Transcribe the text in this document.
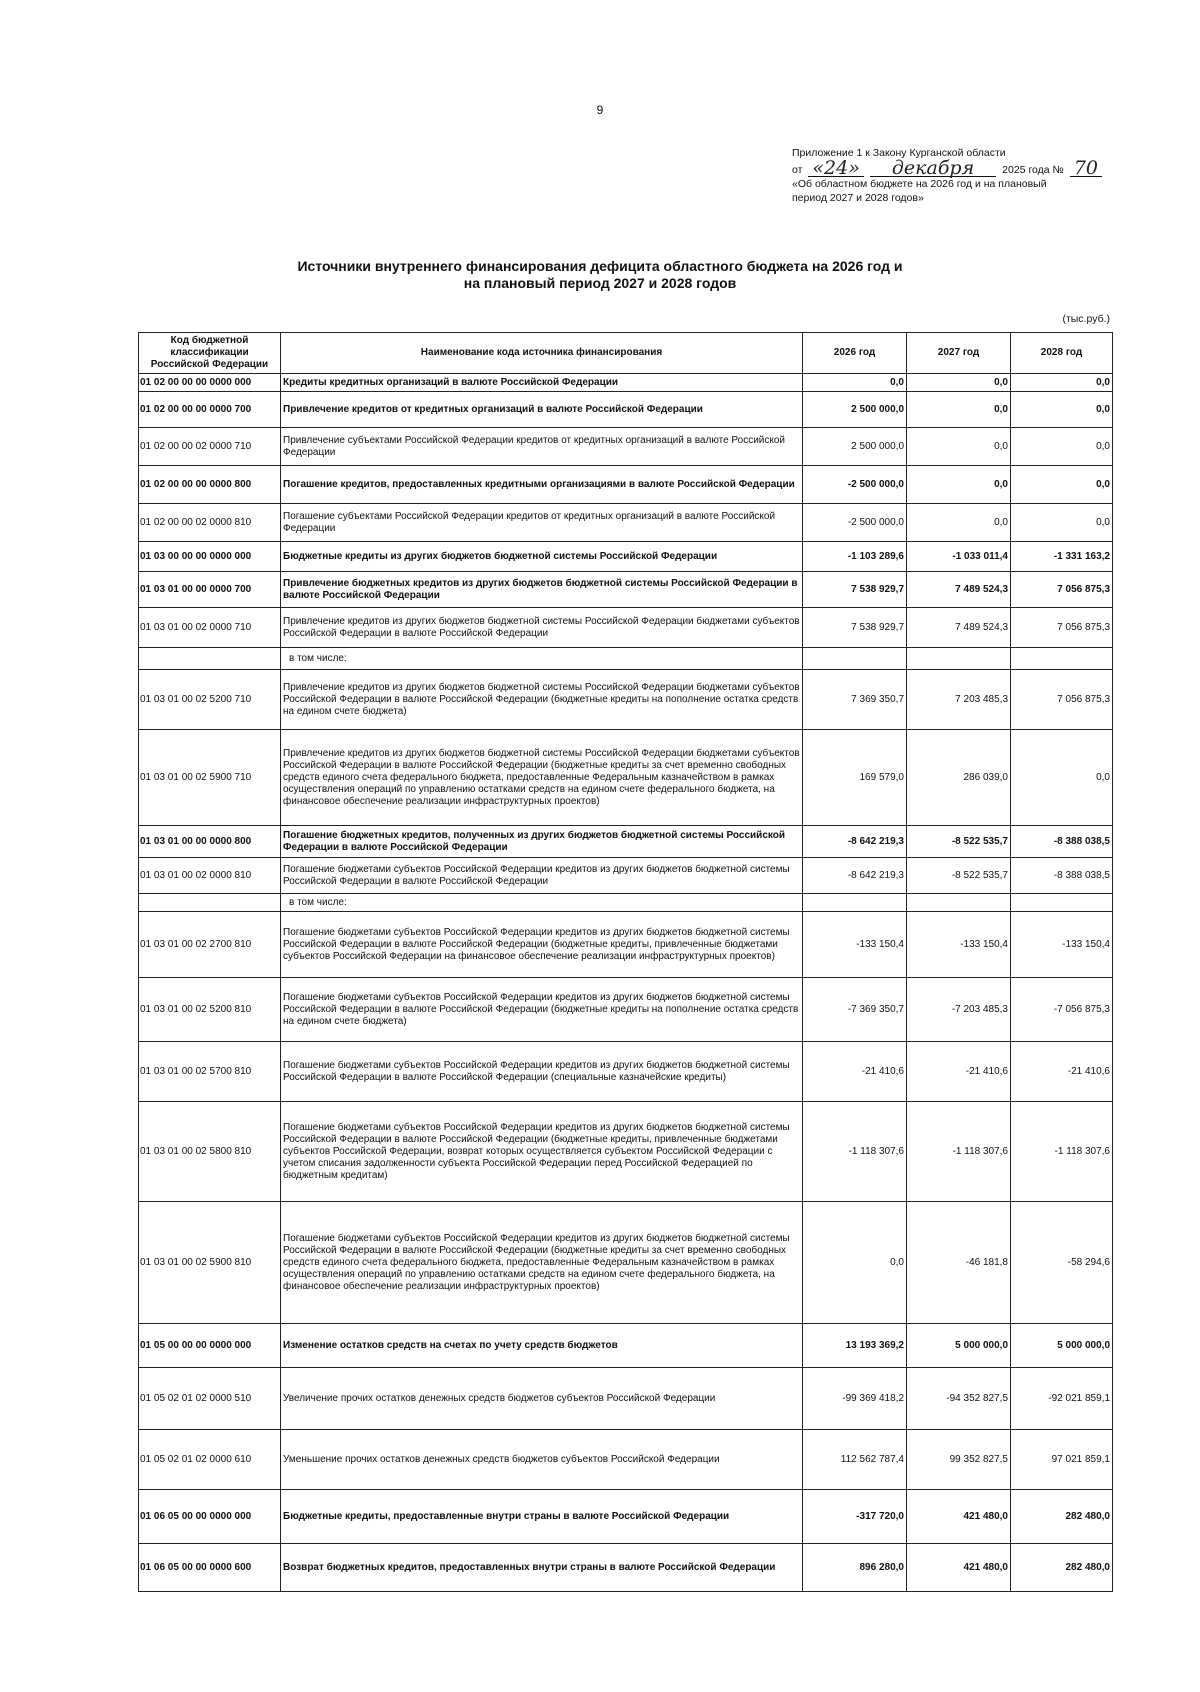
9
Приложение 1 к Закону Курганской области
от «24»	декабря	2025 года № 70
«Об областном бюджете на 2026 год и на плановый
период 2027 и 2028 годов»
Источники внутреннего финансирования дефицита областного бюджета на 2026 год и
на плановый период 2027 и 2028 годов
(тыс.руб.)
Код бюджетной классификации Российской Федерации	Наименование кода источника финансирования	2026 год	2027 год	2028 год
01 02 00 00 00 0000 000	Кредиты кредитных организаций в валюте Российской Федерации	0,0	0,0	0,0
01 02 00 00 00 0000 700	Привлечение кредитов от кредитных организаций в валюте Российской Федерации	2 500 000,0	0,0	0,0
01 02 00 00 02 0000 710	Привлечение субъектами Российской Федерации кредитов от кредитных организаций в валюте Российской Федерации	2 500 000,0	0,0	0,0
01 02 00 00 00 0000 800	Погашение кредитов, предоставленных кредитными организациями в валюте Российской Федерации	-2 500 000,0	0,0	0,0
01 02 00 00 02 0000 810	Погашение субъектами Российской Федерации кредитов от кредитных организаций в валюте Российской Федерации	-2 500 000,0	0,0	0,0
01 03 00 00 00 0000 000	Бюджетные кредиты из других бюджетов бюджетной системы Российской Федерации	-1 103 289,6	-1 033 011,4	-1 331 163,2
01 03 01 00 00 0000 700	Привлечение бюджетных кредитов из других бюджетов бюджетной системы Российской Федерации в валюте Российской Федерации	7 538 929,7	7 489 524,3	7 056 875,3
01 03 01 00 02 0000 710	Привлечение кредитов из других бюджетов бюджетной системы Российской Федерации бюджетами субъектов Российской Федерации в валюте Российской Федерации	7 538 929,7	7 489 524,3	7 056 875,3
	в том числе:			
01 03 01 00 02 5200 710	Привлечение кредитов из других бюджетов бюджетной системы Российской Федерации бюджетами субъектов Российской Федерации в валюте Российской Федерации (бюджетные кредиты на пополнение остатка средств на едином счете бюджета)	7 369 350,7	7 203 485,3	7 056 875,3
01 03 01 00 02 5900 710	Привлечение кредитов из других бюджетов бюджетной системы Российской Федерации бюджетами субъектов Российской Федерации в валюте Российской Федерации (бюджетные кредиты за счет временно свободных средств единого счета федерального бюджета, предоставленные Федеральным казначейством в рамках осуществления операций по управлению остатками средств на едином счете федерального бюджета, на финансовое обеспечение реализации инфраструктурных проектов)	169 579,0	286 039,0	0,0
01 03 01 00 00 0000 800	Погашение бюджетных кредитов, полученных из других бюджетов бюджетной системы Российской Федерации в валюте Российской Федерации	-8 642 219,3	-8 522 535,7	-8 388 038,5
01 03 01 00 02 0000 810	Погашение бюджетами субъектов Российской Федерации кредитов из других бюджетов бюджетной системы Российской Федерации в валюте Российской Федерации	-8 642 219,3	-8 522 535,7	-8 388 038,5
	в том числе:			
01 03 01 00 02 2700 810	Погашение бюджетами субъектов Российской Федерации кредитов из других бюджетов бюджетной системы Российской Федерации в валюте Российской Федерации (бюджетные кредиты, привлеченные бюджетами субъектов Российской Федерации на финансовое обеспечение реализации инфраструктурных проектов)	-133 150,4	-133 150,4	-133 150,4
01 03 01 00 02 5200 810	Погашение бюджетами субъектов Российской Федерации кредитов из других бюджетов бюджетной системы Российской Федерации в валюте Российской Федерации (бюджетные кредиты на пополнение остатка средств на едином счете бюджета)	-7 369 350,7	-7 203 485,3	-7 056 875,3
01 03 01 00 02 5700 810	Погашение бюджетами субъектов Российской Федерации кредитов из других бюджетов бюджетной системы Российской Федерации в валюте Российской Федерации (специальные казначейские кредиты)	-21 410,6	-21 410,6	-21 410,6
01 03 01 00 02 5800 810	Погашение бюджетами субъектов Российской Федерации кредитов из других бюджетов бюджетной системы Российской Федерации в валюте Российской Федерации (бюджетные кредиты, привлеченные бюджетами субъектов Российской Федерации, возврат которых осуществляется субъектом Российской Федерации с учетом списания задолженности субъекта Российской Федерации перед Российской Федерацией по бюджетным кредитам)	-1 118 307,6	-1 118 307,6	-1 118 307,6
01 03 01 00 02 5900 810	Погашение бюджетами субъектов Российской Федерации кредитов из других бюджетов бюджетной системы Российской Федерации в валюте Российской Федерации (бюджетные кредиты за счет временно свободных средств единого счета федерального бюджета, предоставленные Федеральным казначейством в рамках осуществления операций по управлению остатками средств на едином счете федерального бюджета, на финансовое обеспечение реализации инфраструктурных проектов)	0,0	-46 181,8	-58 294,6
01 05 00 00 00 0000 000	Изменение остатков средств на счетах по учету средств бюджетов	13 193 369,2	5 000 000,0	5 000 000,0
01 05 02 01 02 0000 510	Увеличение прочих остатков денежных средств бюджетов субъектов Российской Федерации	-99 369 418,2	-94 352 827,5	-92 021 859,1
01 05 02 01 02 0000 610	Уменьшение прочих остатков денежных средств бюджетов субъектов Российской Федерации	112 562 787,4	99 352 827,5	97 021 859,1
01 06 05 00 00 0000 000	Бюджетные кредиты, предоставленные внутри страны в валюте Российской Федерации	-317 720,0	421 480,0	282 480,0
01 06 05 00 00 0000 600	Возврат бюджетных кредитов, предоставленных внутри страны в валюте Российской Федерации	896 280,0	421 480,0	282 480,0
